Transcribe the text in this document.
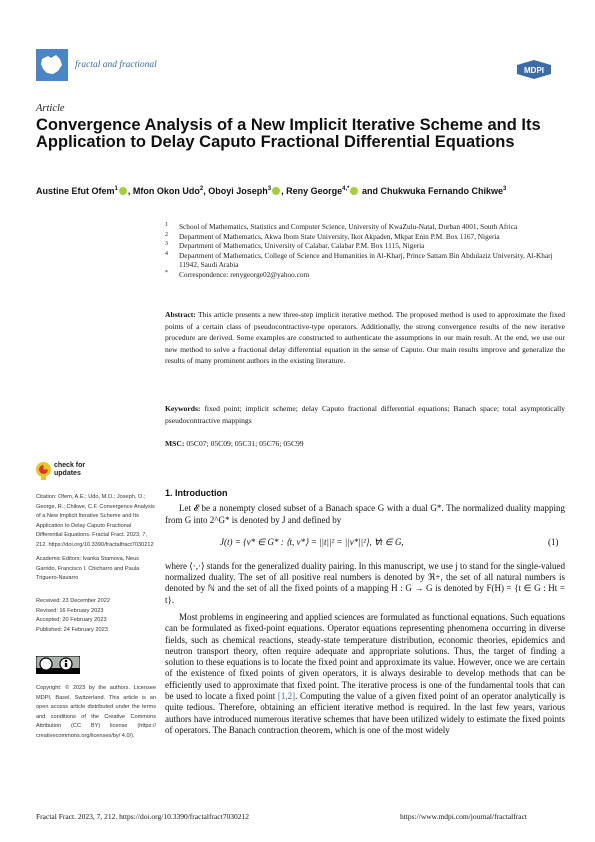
fractal and fractional
MDPI
Article
Convergence Analysis of a New Implicit Iterative Scheme and Its Application to Delay Caputo Fractional Differential Equations
Austine Efut Ofem$^1$ , Mfon Okon Udo$^2$, Oboyi Joseph$^3$ , Reny George$^{4,*}$ and Chukwuka Fernando Chikwe$^3$
1 School of Mathematics, Statistics and Computer Science, University of KwaZulu-Natal, Durban 4001, South Africa
2 Department of Mathematics, Akwa Ibom State University, Ikot Akpaden, Mkpat Enin P.M. Box 1167, Nigeria
3 Department of Mathematics, University of Calabar, Calabar P.M. Box 1115, Nigeria
4 Department of Mathematics, College of Science and Humanities in Al-Kharj, Prince Sattam Bin Abdulaziz University, Al-Kharj 11942, Saudi Arabia
* Correspondence: renygeorge02@yahoo.com
Abstract: This article presents a new three-step implicit iterative method. The proposed method is used to approximate the fixed points of a certain class of pseudocontractive-type operators. Additionally, the strong convergence results of the new iterative procedure are derived. Some examples are constructed to authenticate the assumptions in our main result. At the end, we use our new method to solve a fractional delay differential equation in the sense of Caputo. Our main results improve and generalize the results of many prominent authors in the existing literature.
Keywords: fixed point; implicit scheme; delay Caputo fractional differential equations; Banach space; total asymptotically pseudocontractive mappings
MSC: 05C07; 05C09; 05C31; 05C76; 05C99
check for
updates
Citation: Ofem, A.E.; Udo, M.O.; Joseph, O.; George, R.; Chikwe, C.F. Convergence Analysis of a New Implicit Iterative Scheme and Its Application to Delay Caputo Fractional Differential Equations. Fractal Fract. 2023, 7, 212. https://doi.org/10.3390/fractalfract7030212
Academic Editors: Ivanka Stamova, Neus Garrido, Francisco I. Chicharro and Paula Triguero-Navarro
Received: 23 December 2022
Revised: 16 February 2023
Accepted: 20 February 2023
Published: 24 February 2023
Copyright: © 2023 by the authors. Licensee MDPI, Basel, Switzerland. This article is an open access article distributed under the terms and conditions of the Creative Commons Attribution (CC BY) license (https:// creativecommons.org/licenses/by/ 4.0/).
1. Introduction
Let 𝓔 be a nonempty closed subset of a Banach space G with a dual G*. The normalized duality mapping from G into 2^G* is denoted by J and defined by
J(t) = {v* ∈ G* : ⟨t, v*⟩ = ||t||² = ||v*||²}, ∀t ∈ G,	(1)
where ⟨·,·⟩ stands for the generalized duality pairing. In this manuscript, we use j to stand for the single-valued normalized duality. The set of all positive real numbers is denoted by ℜ+, the set of all natural numbers is denoted by ℕ and the set of all the fixed points of a mapping H : G → G is denoted by F(H) = {t ∈ G : Ht = t}.
Most problems in engineering and applied sciences are formulated as functional equations. Such equations can be formulated as fixed-point equations. Operator equations representing phenomena occurring in diverse fields, such as chemical reactions, steady-state temperature distribution, economic theories, epidemics and neutron transport theory, often require adequate and appropriate solutions. Thus, the target of finding a solution to these equations is to locate the fixed point and approximate its value. However, once we are certain of the existence of fixed points of given operators, it is always desirable to develop methods that can be efficiently used to approximate that fixed point. The iterative process is one of the fundamental tools that can be used to locate a fixed point [1,2]. Computing the value of a given fixed point of an operator analytically is quite tedious. Therefore, obtaining an efficient iterative method is required. In the last few years, various authors have introduced numerous iterative schemes that have been utilized widely to estimate the fixed points of operators. The Banach contraction theorem, which is one of the most widely
Fractal Fract. 2023, 7, 212. https://doi.org/10.3390/fractalfract7030212	https://www.mdpi.com/journal/fractalfract
